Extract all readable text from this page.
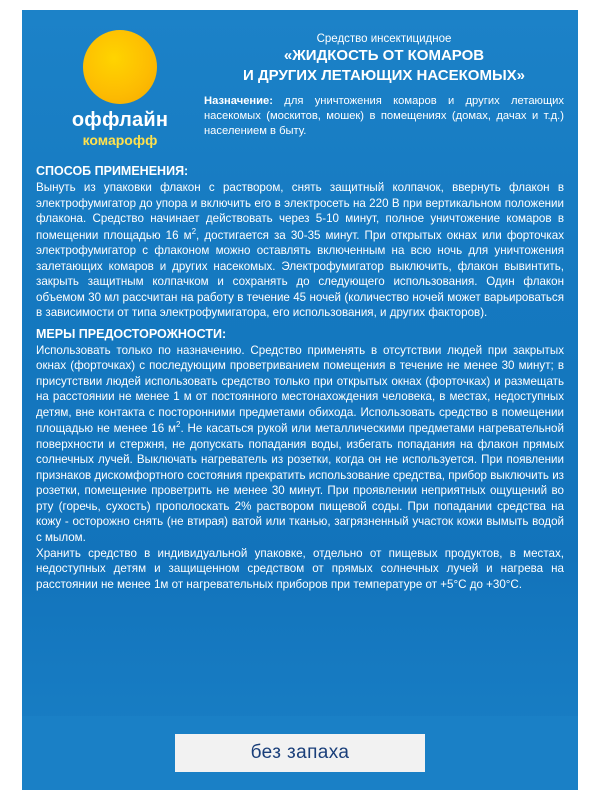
оффлайн
комарофф
Средство инсектицидное
«ЖИДКОСТЬ ОТ КОМАРОВ
И ДРУГИХ ЛЕТАЮЩИХ НАСЕКОМЫХ»
Назначение: для уничтожения комаров и других летающих насекомых (москитов, мошек) в помещениях (домах, дачах и т.д.) населением в быту.
СПОСОБ ПРИМЕНЕНИЯ:

Вынуть из упаковки флакон с раствором, снять защитный колпачок, ввернуть флакон в электрофумигатор до упора и включить его в электросеть на 220 В при вертикальном положении флакона. Средство начинает действовать через 5-10 минут, полное уничтожение комаров в помещении площадью 16 $м^2$, достигается за 30-35 минут. При открытых окнах или форточках электрофумигатор с флаконом можно оставлять включенным на всю ночь для уничтожения залетающих комаров и других насекомых. Электрофумигатор выключить, флакон вывинтить, закрыть защитным колпачком и сохранять до следующего использования. Один флакон объемом 30 мл рассчитан на работу в течение 45 ночей (количество ночей может варьироваться в зависимости от типа электрофумигатора, его использования, и других факторов).

МЕРЫ ПРЕДОСТОРОЖНОСТИ:

Использовать только по назначению. Средство применять в отсутствии людей при закрытых окнах (форточках) с последующим проветриванием помещения в течение не менее 30 минут; в присутствии людей использовать средство только при открытых окнах (форточках) и размещать на расстоянии не менее 1 м от постоянного местонахождения человека, в местах, недоступных детям, вне контакта с посторонними предметами обихода. Использовать средство в помещении площадью не менее 16 $м^2$. Не касаться рукой или металлическими предметами нагревательной поверхности и стержня, не допускать попадания воды, избегать попадания на флакон прямых солнечных лучей. Выключать нагреватель из розетки, когда он не используется. При появлении признаков дискомфортного состояния прекратить использование средства, прибор выключить из розетки, помещение проветрить не менее 30 минут. При проявлении неприятных ощущений во рту (горечь, сухость) прополоскать 2% раствором пищевой соды. При попадании средства на кожу - осторожно снять (не втирая) ватой или тканью, загрязненный участок кожи вымыть водой с мылом.

Хранить средство в индивидуальной упаковке, отдельно от пищевых продуктов, в местах, недоступных детям и защищенном средством от прямых солнечных лучей и нагрева на расстоянии не менее 1м от нагревательных приборов при температуре от +5°С до +30°С.

без запаха
